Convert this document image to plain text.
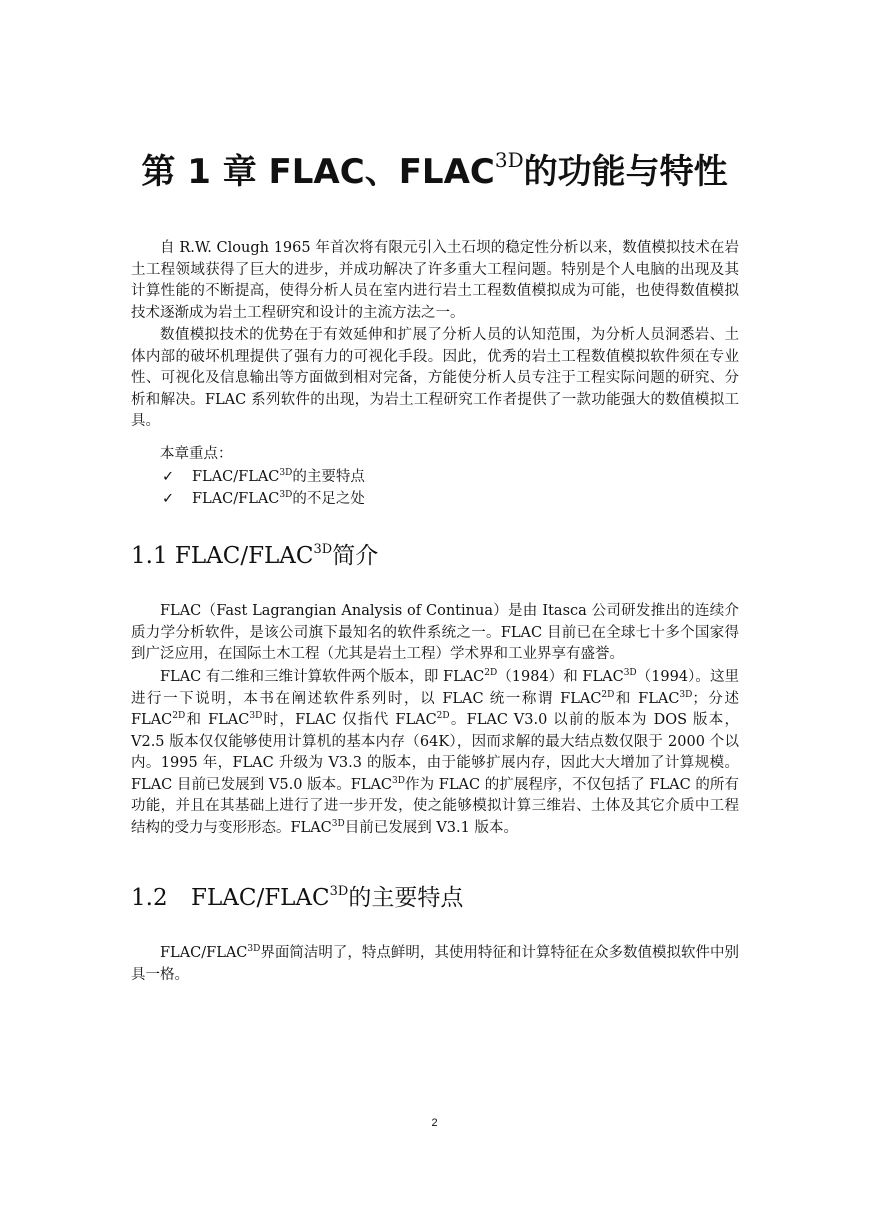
第 1 章 FLAC、$FLAC^{3D}$的功能与特性

自 R.W. Clough 1965 年首次将有限元引入土石坝的稳定性分析以来，数值模拟技术在岩土工程领域获得了巨大的进步，并成功解决了许多重大工程问题。特别是个人电脑的出现及其计算性能的不断提高，使得分析人员在室内进行岩土工程数值模拟成为可能，也使得数值模拟技术逐渐成为岩土工程研究和设计的主流方法之一。

数值模拟技术的优势在于有效延伸和扩展了分析人员的认知范围，为分析人员洞悉岩、土体内部的破坏机理提供了强有力的可视化手段。因此，优秀的岩土工程数值模拟软件须在专业性、可视化及信息输出等方面做到相对完备，方能使分析人员专注于工程实际问题的研究、分析和解决。FLAC 系列软件的出现，为岩土工程研究工作者提供了一款功能强大的数值模拟工具。

本章重点：

✓ FLAC/$FLAC^{3D}$的主要特点
✓ FLAC/$FLAC^{3D}$的不足之处
1.1 FLAC/$FLAC^{3D}$简介

FLAC（Fast Lagrangian Analysis of Continua）是由 Itasca 公司研发推出的连续介质力学分析软件，是该公司旗下最知名的软件系统之一。FLAC 目前已在全球七十多个国家得到广泛应用，在国际土木工程（尤其是岩土工程）学术界和工业界享有盛誉。

FLAC 有二维和三维计算软件两个版本，即 $FLAC^{2D}(1984)$和 $FLAC^{3D}(1994)$。这里进行一下说明，本书在阐述软件系列时，以 FLAC 统一称谓 $FLAC^{2D}$和 $FLAC^{3D}$；分述 $FLAC^{2D}$和 $FLAC^{3D}$时，FLAC 仅指代 $FLAC^{2D}$。FLAC V3.0 以前的版本为 DOS 版本，V2.5 版本仅仅能够使用计算机的基本内存（64K），因而求解的最大结点数仅限于 2000 个以内。1995 年，FLAC 升级为 V3.3 的版本，由于能够扩展内存，因此大大增加了计算规模。FLAC 目前已发展到 V5.0 版本。$FLAC^{3D}$作为 FLAC 的扩展程序，不仅包括了 FLAC 的所有功能，并且在其基础上进行了进一步开发，使之能够模拟计算三维岩、土体及其它介质中工程结构的受力与变形形态。$FLAC^{3D}$目前已发展到 V3.1 版本。

1.2 FLAC/$FLAC^{3D}$的主要特点

FLAC/$FLAC^{3D}$界面简洁明了，特点鲜明，其使用特征和计算特征在众多数值模拟软件中别具一格。

2
